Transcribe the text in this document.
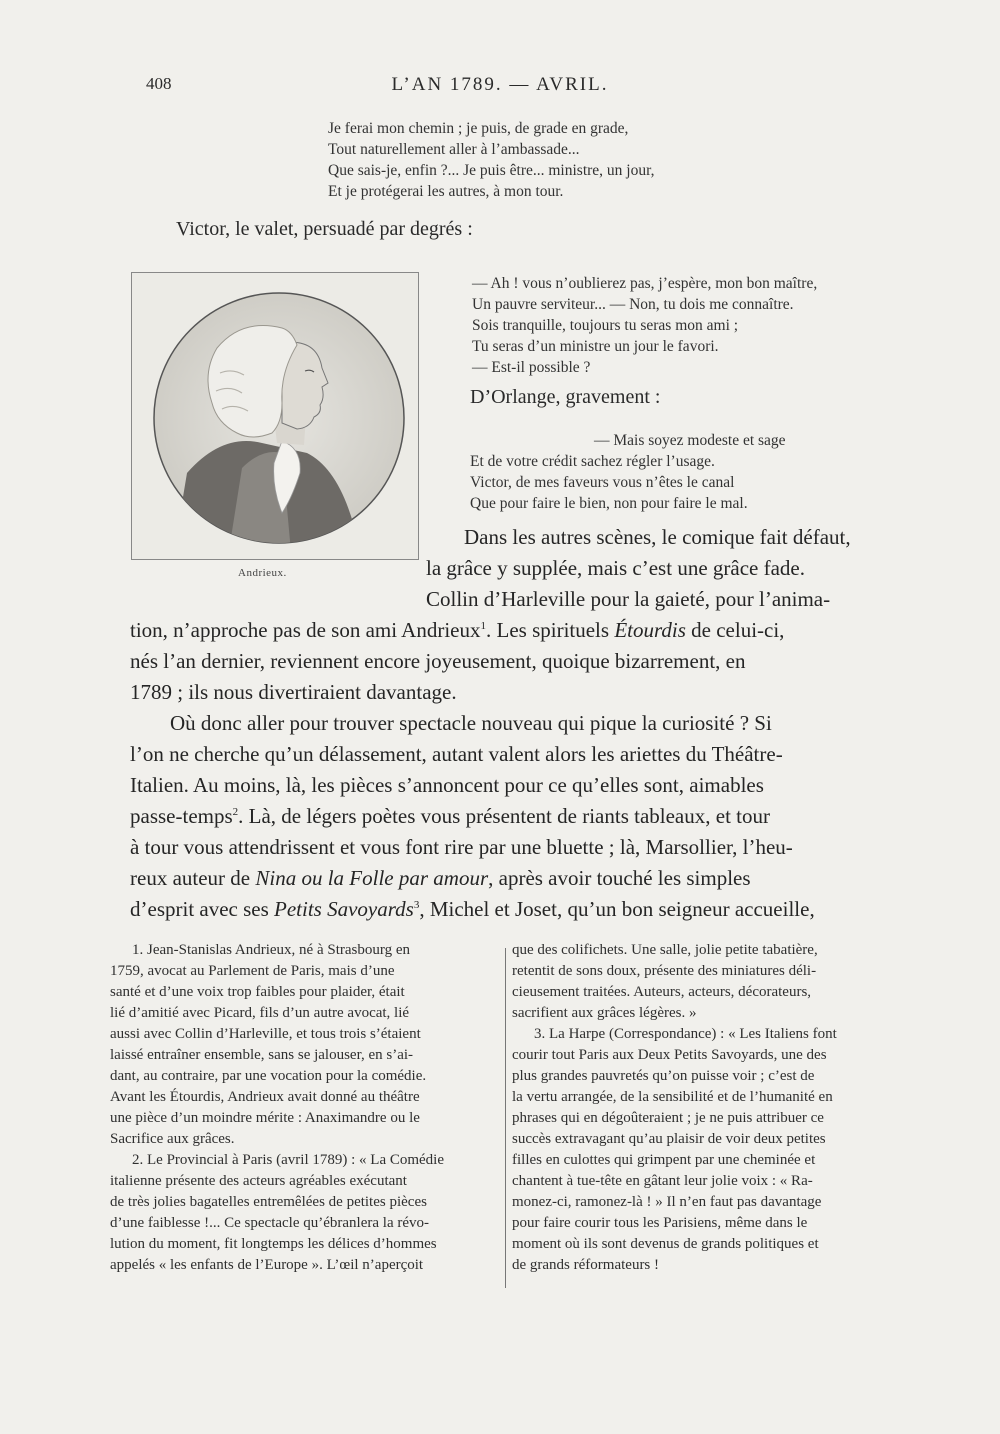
408	L’AN 1789. — AVRIL.
Je ferai mon chemin ; je puis, de grade en grade,
Tout naturellement aller à l’ambassade...
Que sais-je, enfin ?... Je puis être... ministre, un jour,
Et je protégerai les autres, à mon tour.
Victor, le valet, persuadé par degrés :
Andrieux.
— Ah ! vous n’oublierez pas, j’espère, mon bon maître,
Un pauvre serviteur... — Non, tu dois me connaître.
Sois tranquille, toujours tu seras mon ami ;
Tu seras d’un ministre un jour le favori.
— Est-il possible ?
D’Orlange, gravement :
— Mais soyez modeste et sage
Et de votre crédit sachez régler l’usage.
Victor, de mes faveurs vous n’êtes le canal
Que pour faire le bien, non pour faire le mal.
Dans les autres scènes, le comique fait défaut,
la grâce y supplée, mais c’est une grâce fade.
Collin d’Harleville pour la gaieté, pour l’anima-
tion, n’approche pas de son ami Andrieux$^1$. Les spirituels Étourdis de celui-ci,
nés l’an dernier, reviennent encore joyeusement, quoique bizarrement, en
1789 ; ils nous divertiraient davantage.
Où donc aller pour trouver spectacle nouveau qui pique la curiosité ? Si
l’on ne cherche qu’un délassement, autant valent alors les ariettes du Théâtre-
Italien. Au moins, là, les pièces s’annoncent pour ce qu’elles sont, aimables
passe-temps$^2$. Là, de légers poètes vous présentent de riants tableaux, et tour
à tour vous attendrissent et vous font rire par une bluette ; là, Marsollier, l’heu-
reux auteur de Nina ou la Folle par amour, après avoir touché les simples
d’esprit avec ses Petits Savoyards$^3$, Michel et Joset, qu’un bon seigneur accueille,
1. Jean-Stanislas Andrieux, né à Strasbourg en
1759, avocat au Parlement de Paris, mais d’une
santé et d’une voix trop faibles pour plaider, était
lié d’amitié avec Picard, fils d’un autre avocat, lié
aussi avec Collin d’Harleville, et tous trois s’étaient
laissé entraîner ensemble, sans se jalouser, en s’ai-
dant, au contraire, par une vocation pour la comédie.
Avant les Étourdis, Andrieux avait donné au théâtre
une pièce d’un moindre mérite : Anaximandre ou le
Sacrifice aux grâces.
2. Le Provincial à Paris (avril 1789) : « La Comédie
italienne présente des acteurs agréables exécutant
de très jolies bagatelles entremêlées de petites pièces
d’une faiblesse !... Ce spectacle qu’ébranlera la révo-
lution du moment, fit longtemps les délices d’hommes
appelés « les enfants de l’Europe ». L’œil n’aperçoit
que des colifichets. Une salle, jolie petite tabatière,
retentit de sons doux, présente des miniatures déli-
cieusement traitées. Auteurs, acteurs, décorateurs,
sacrifient aux grâces légères. »
3. La Harpe (Correspondance) : « Les Italiens font
courir tout Paris aux Deux Petits Savoyards, une des
plus grandes pauvretés qu’on puisse voir ; c’est de
la vertu arrangée, de la sensibilité et de l’humanité en
phrases qui en dégoûteraient ; je ne puis attribuer ce
succès extravagant qu’au plaisir de voir deux petites
filles en culottes qui grimpent par une cheminée et
chantent à tue-tête en gâtant leur jolie voix : « Ra-
monez-ci, ramonez-là ! » Il n’en faut pas davantage
pour faire courir tous les Parisiens, même dans le
moment où ils sont devenus de grands politiques et
de grands réformateurs !
